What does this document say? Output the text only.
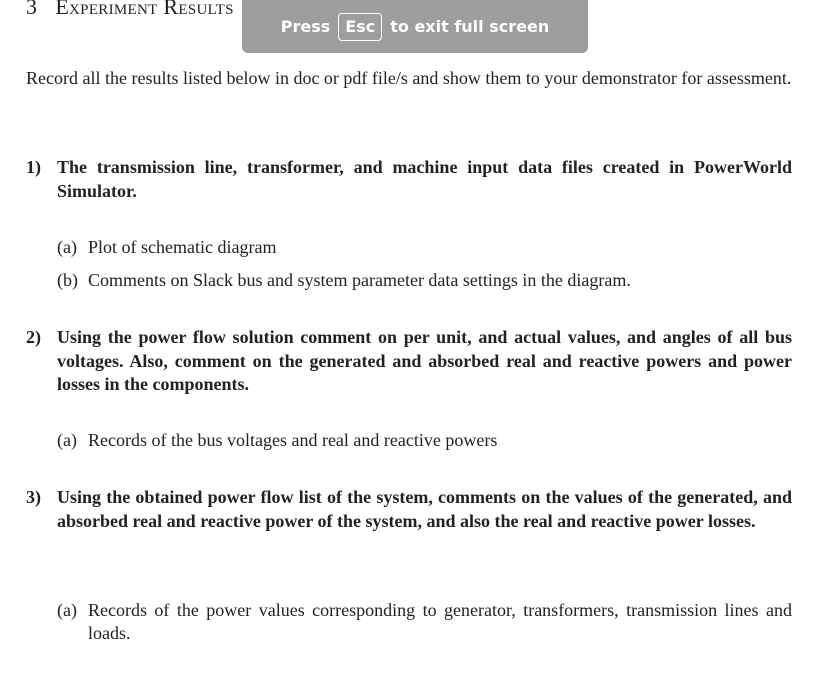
3 Experiment Results
Record all the results listed below in doc or pdf file/s and show them to your demonstrator for assessment.
1) The transmission line, transformer, and machine input data files created in PowerWorld Simulator.
(a) Plot of schematic diagram
(b) Comments on Slack bus and system parameter data settings in the diagram.
2) Using the power flow solution comment on per unit, and actual values, and angles of all bus voltages. Also, comment on the generated and absorbed real and reactive powers and power losses in the components.
(a) Records of the bus voltages and real and reactive powers
3) Using the obtained power flow list of the system, comments on the values of the generated, and absorbed real and reactive power of the system, and also the real and reactive power losses.
(a) Records of the power values corresponding to generator, transformers, transmission lines and loads.
Press Esc to exit full screen
